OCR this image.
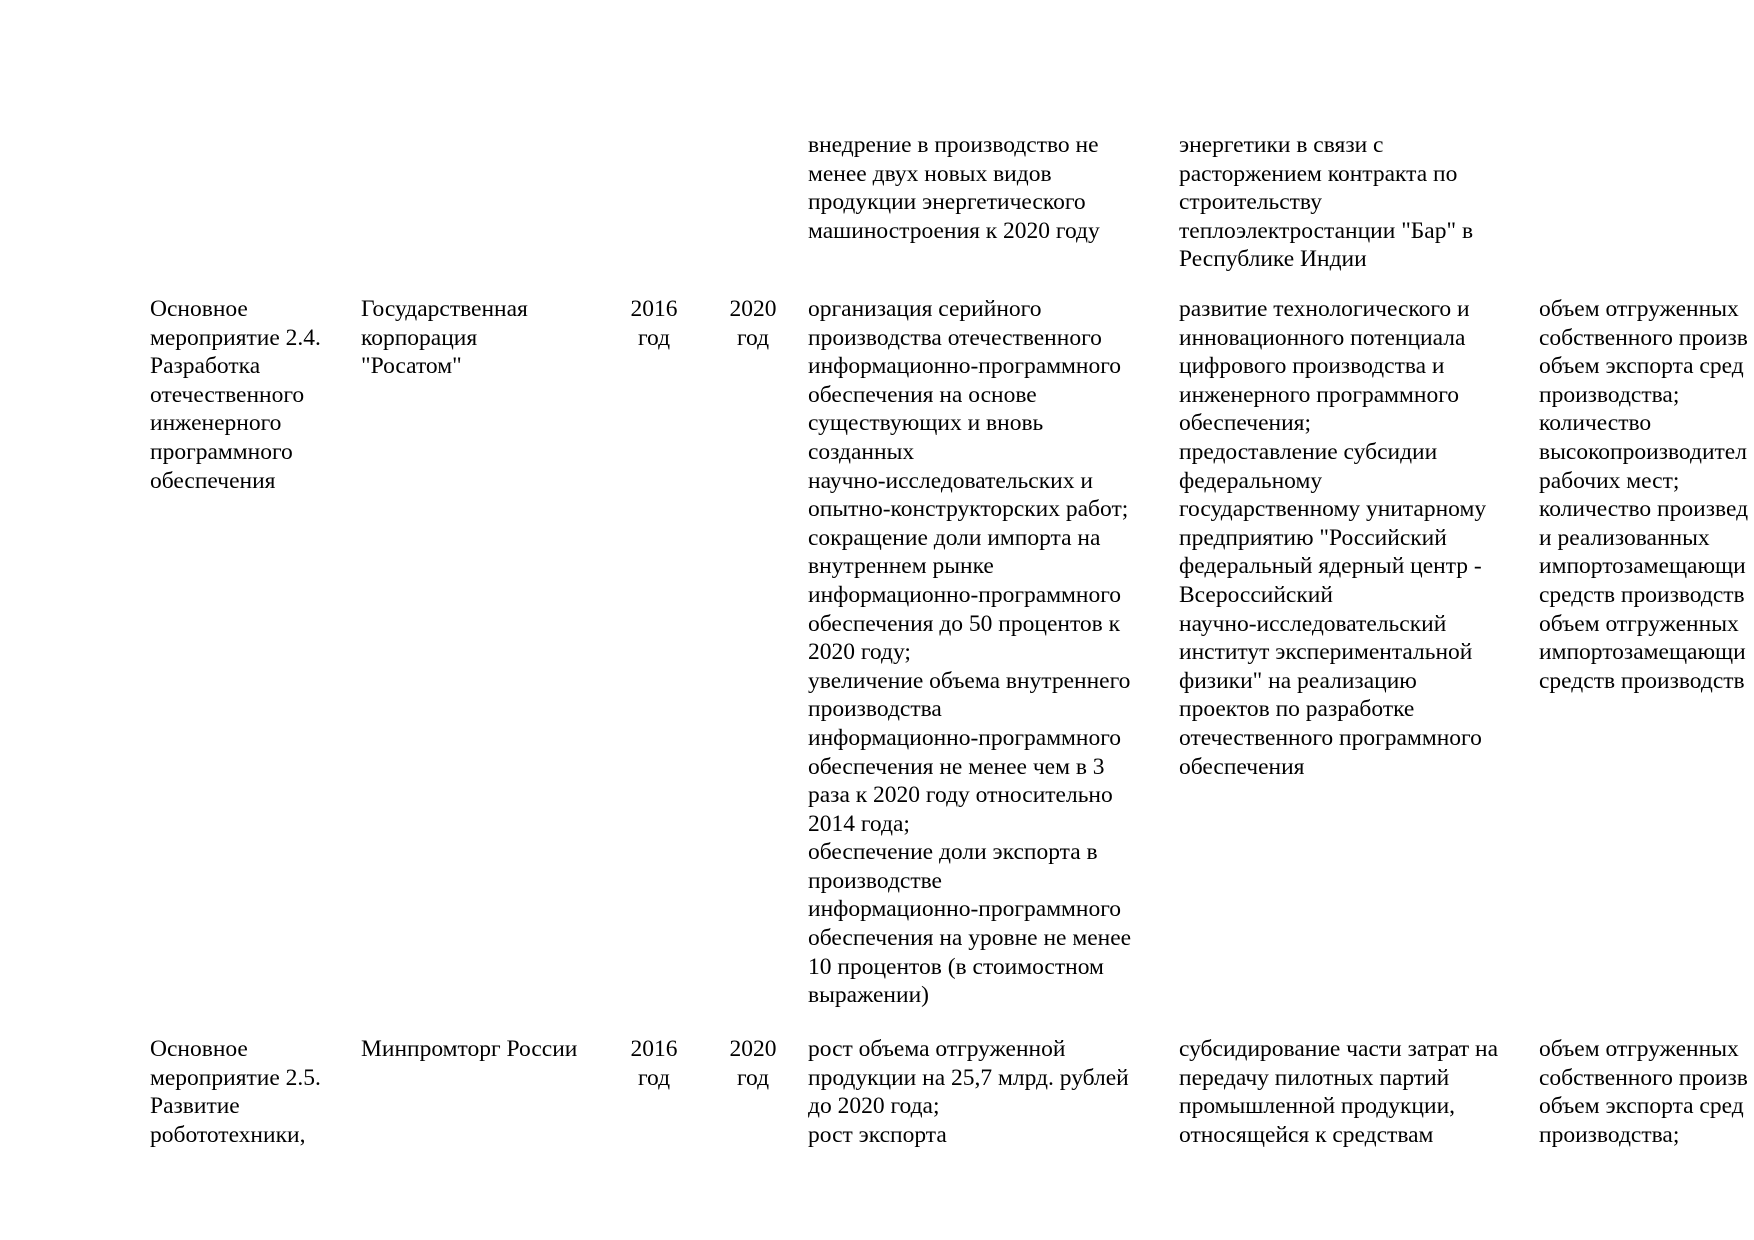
внедрение в производство не
менее двух новых видов
продукции энергетического
машиностроения к 2020 году
энергетики в связи с
расторжением контракта по
строительству
теплоэлектростанции "Бар" в
Республике Индии
Основное
мероприятие 2.4.
Разработка
отечественного
инженерного
программного
обеспечения
Государственная
корпорация
"Росатом"
2016
год
2020
год
организация серийного
производства отечественного
информационно-программного
обеспечения на основе
существующих и вновь
созданных
научно-исследовательских и
опытно-конструкторских работ;
сокращение доли импорта на
внутреннем рынке
информационно-программного
обеспечения до 50 процентов к
2020 году;
увеличение объема внутреннего
производства
информационно-программного
обеспечения не менее чем в 3
раза к 2020 году относительно
2014 года;
обеспечение доли экспорта в
производстве
информационно-программного
обеспечения на уровне не менее
10 процентов (в стоимостном
выражении)
развитие технологического и
инновационного потенциала
цифрового производства и
инженерного программного
обеспечения;
предоставление субсидии
федеральному
государственному унитарному
предприятию "Российский
федеральный ядерный центр -
Всероссийский
научно-исследовательский
институт экспериментальной
физики" на реализацию
проектов по разработке
отечественного программного
обеспечения
объем отгруженных
собственного произв
объем экспорта сред
производства;
количество
высокопроизводител
рабочих мест;
количество произвед
и реализованных
импортозамещающи
средств производств
объем отгруженных
импортозамещающи
средств производств
Основное
мероприятие 2.5.
Развитие
робототехники,
Минпромторг России	2016
год
2020
год
рост объема отгруженной
продукции на 25,7 млрд. рублей
до 2020 года;
рост экспорта
субсидирование части затрат на
передачу пилотных партий
промышленной продукции,
относящейся к средствам
объем отгруженных
собственного произв
объем экспорта сред
производства;
